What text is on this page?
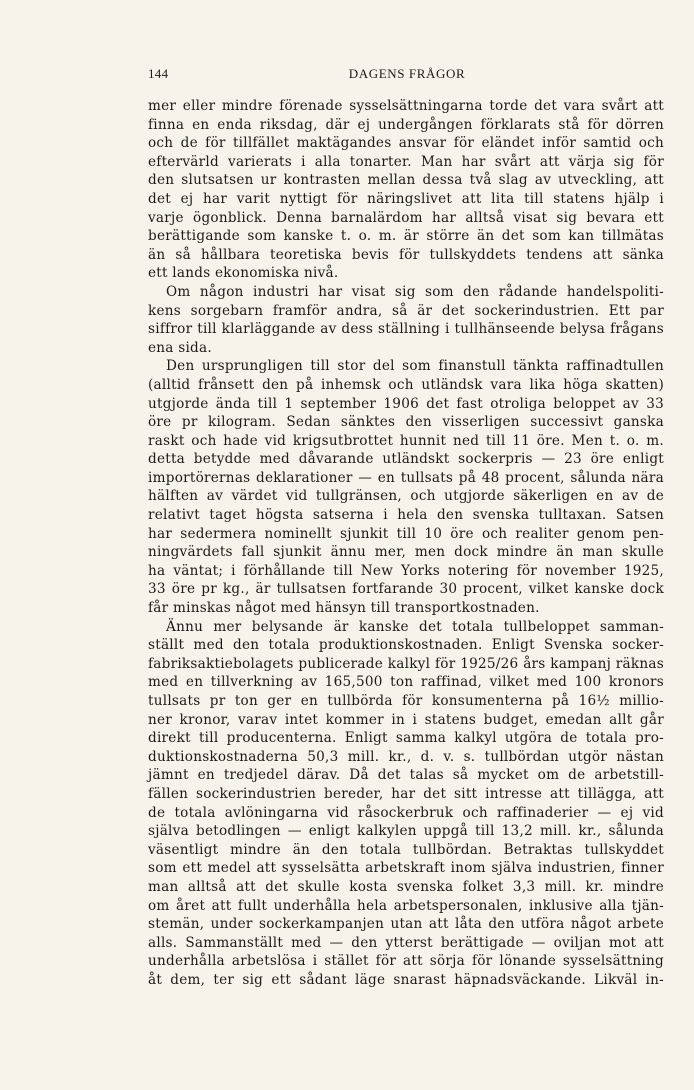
144	DAGENS FRÅGOR
mer eller mindre förenade sysselsättningarna torde det vara svårt att
finna en enda riksdag, där ej undergången förklarats stå för dörren
och de för tillfället maktägandes ansvar för eländet inför samtid och
eftervärld varierats i alla tonarter. Man har svårt att värja sig för
den slutsatsen ur kontrasten mellan dessa två slag av utveckling, att
det ej har varit nyttigt för näringslivet att lita till statens hjälp i
varje ögonblick. Denna barnalärdom har alltså visat sig bevara ett
berättigande som kanske t. o. m. är större än det som kan tillmätas
än så hållbara teoretiska bevis för tullskyddets tendens att sänka
ett lands ekonomiska nivå.
Om någon industri har visat sig som den rådande handelspoliti-
kens sorgebarn framför andra, så är det sockerindustrien. Ett par
siffror till klarläggande av dess ställning i tullhänseende belysa frågans
ena sida.
Den ursprungligen till stor del som finanstull tänkta raffinadtullen
(alltid frånsett den på inhemsk och utländsk vara lika höga skatten)
utgjorde ända till 1 september 1906 det fast otroliga beloppet av 33
öre pr kilogram. Sedan sänktes den visserligen successivt ganska
raskt och hade vid krigsutbrottet hunnit ned till 11 öre. Men t. o. m.
detta betydde med dåvarande utländskt sockerpris — 23 öre enligt
importörernas deklarationer — en tullsats på 48 procent, sålunda nära
hälften av värdet vid tullgränsen, och utgjorde säkerligen en av de
relativt taget högsta satserna i hela den svenska tulltaxan. Satsen
har sedermera nominellt sjunkit till 10 öre och realiter genom pen-
ningvärdets fall sjunkit ännu mer, men dock mindre än man skulle
ha väntat; i förhållande till New Yorks notering för november 1925,
33 öre pr kg., är tullsatsen fortfarande 30 procent, vilket kanske dock
får minskas något med hänsyn till transportkostnaden.
Ännu mer belysande är kanske det totala tullbeloppet samman-
ställt med den totala produktionskostnaden. Enligt Svenska socker-
fabriksaktiebolagets publicerade kalkyl för 1925/26 års kampanj räknas
med en tillverkning av 165,500 ton raffinad, vilket med 100 kronors
tullsats pr ton ger en tullbörda för konsumenterna på 16½ millio-
ner kronor, varav intet kommer in i statens budget, emedan allt går
direkt till producenterna. Enligt samma kalkyl utgöra de totala pro-
duktionskostnaderna 50,3 mill. kr., d. v. s. tullbördan utgör nästan
jämnt en tredjedel därav. Då det talas så mycket om de arbetstill-
fällen sockerindustrien bereder, har det sitt intresse att tillägga, att
de totala avlöningarna vid råsockerbruk och raffinaderier — ej vid
själva betodlingen — enligt kalkylen uppgå till 13,2 mill. kr., sålunda
väsentligt mindre än den totala tullbördan. Betraktas tullskyddet
som ett medel att sysselsätta arbetskraft inom själva industrien, finner
man alltså att det skulle kosta svenska folket 3,3 mill. kr. mindre
om året att fullt underhålla hela arbetspersonalen, inklusive alla tjän-
stemän, under sockerkampanjen utan att låta den utföra något arbete
alls. Sammanställt med — den ytterst berättigade — oviljan mot att
underhålla arbetslösa i stället för att sörja för lönande sysselsättning
åt dem, ter sig ett sådant läge snarast häpnadsväckande. Likväl in-
